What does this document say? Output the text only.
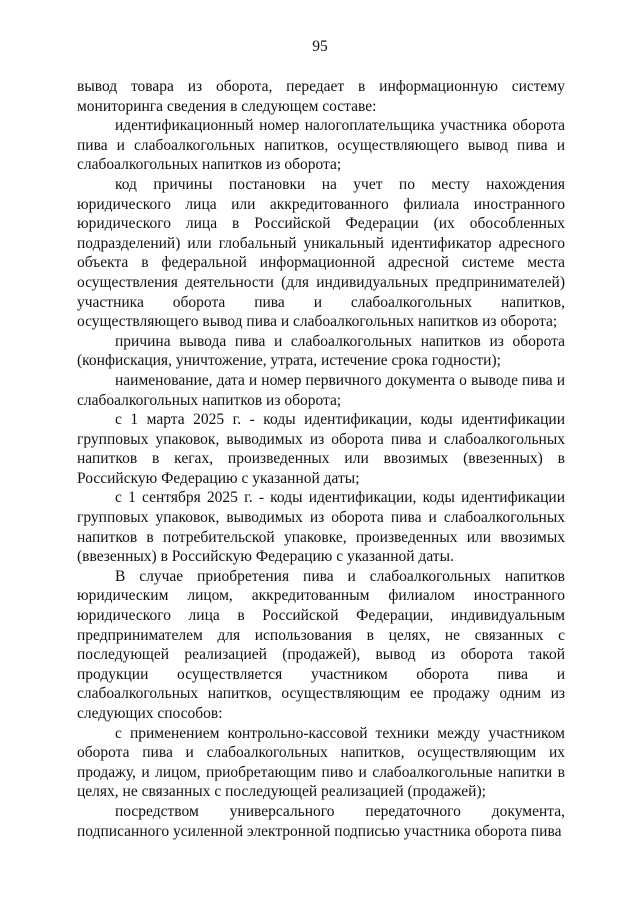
95

вывод товара из оборота, передает в информационную систему мониторинга сведения в следующем составе:

идентификационный номер налогоплательщика участника оборота пива и слабоалкогольных напитков, осуществляющего вывод пива и слабоалкогольных напитков из оборота;

код причины постановки на учет по месту нахождения юридического лица или аккредитованного филиала иностранного юридического лица в Российской Федерации (их обособленных подразделений) или глобальный уникальный идентификатор адресного объекта в федеральной информационной адресной системе места осуществления деятельности (для индивидуальных предпринимателей) участника оборота пива и слабоалкогольных напитков, осуществляющего вывод пива и слабоалкогольных напитков из оборота;

причина вывода пива и слабоалкогольных напитков из оборота (конфискация, уничтожение, утрата, истечение срока годности);

наименование, дата и номер первичного документа о выводе пива и слабоалкогольных напитков из оборота;

с 1 марта 2025 г. - коды идентификации, коды идентификации групповых упаковок, выводимых из оборота пива и слабоалкогольных напитков в кегах, произведенных или ввозимых (ввезенных) в Российскую Федерацию с указанной даты;

с 1 сентября 2025 г. - коды идентификации, коды идентификации групповых упаковок, выводимых из оборота пива и слабоалкогольных напитков в потребительской упаковке, произведенных или ввозимых (ввезенных) в Российскую Федерацию с указанной даты.

В случае приобретения пива и слабоалкогольных напитков юридическим лицом, аккредитованным филиалом иностранного юридического лица в Российской Федерации, индивидуальным предпринимателем для использования в целях, не связанных с последующей реализацией (продажей), вывод из оборота такой продукции осуществляется участником оборота пива и слабоалкогольных напитков, осуществляющим ее продажу одним из следующих способов:

с применением контрольно-кассовой техники между участником оборота пива и слабоалкогольных напитков, осуществляющим их продажу, и лицом, приобретающим пиво и слабоалкогольные напитки в целях, не связанных с последующей реализацией (продажей);

посредством универсального передаточного документа, подписанного усиленной электронной подписью участника оборота пива
